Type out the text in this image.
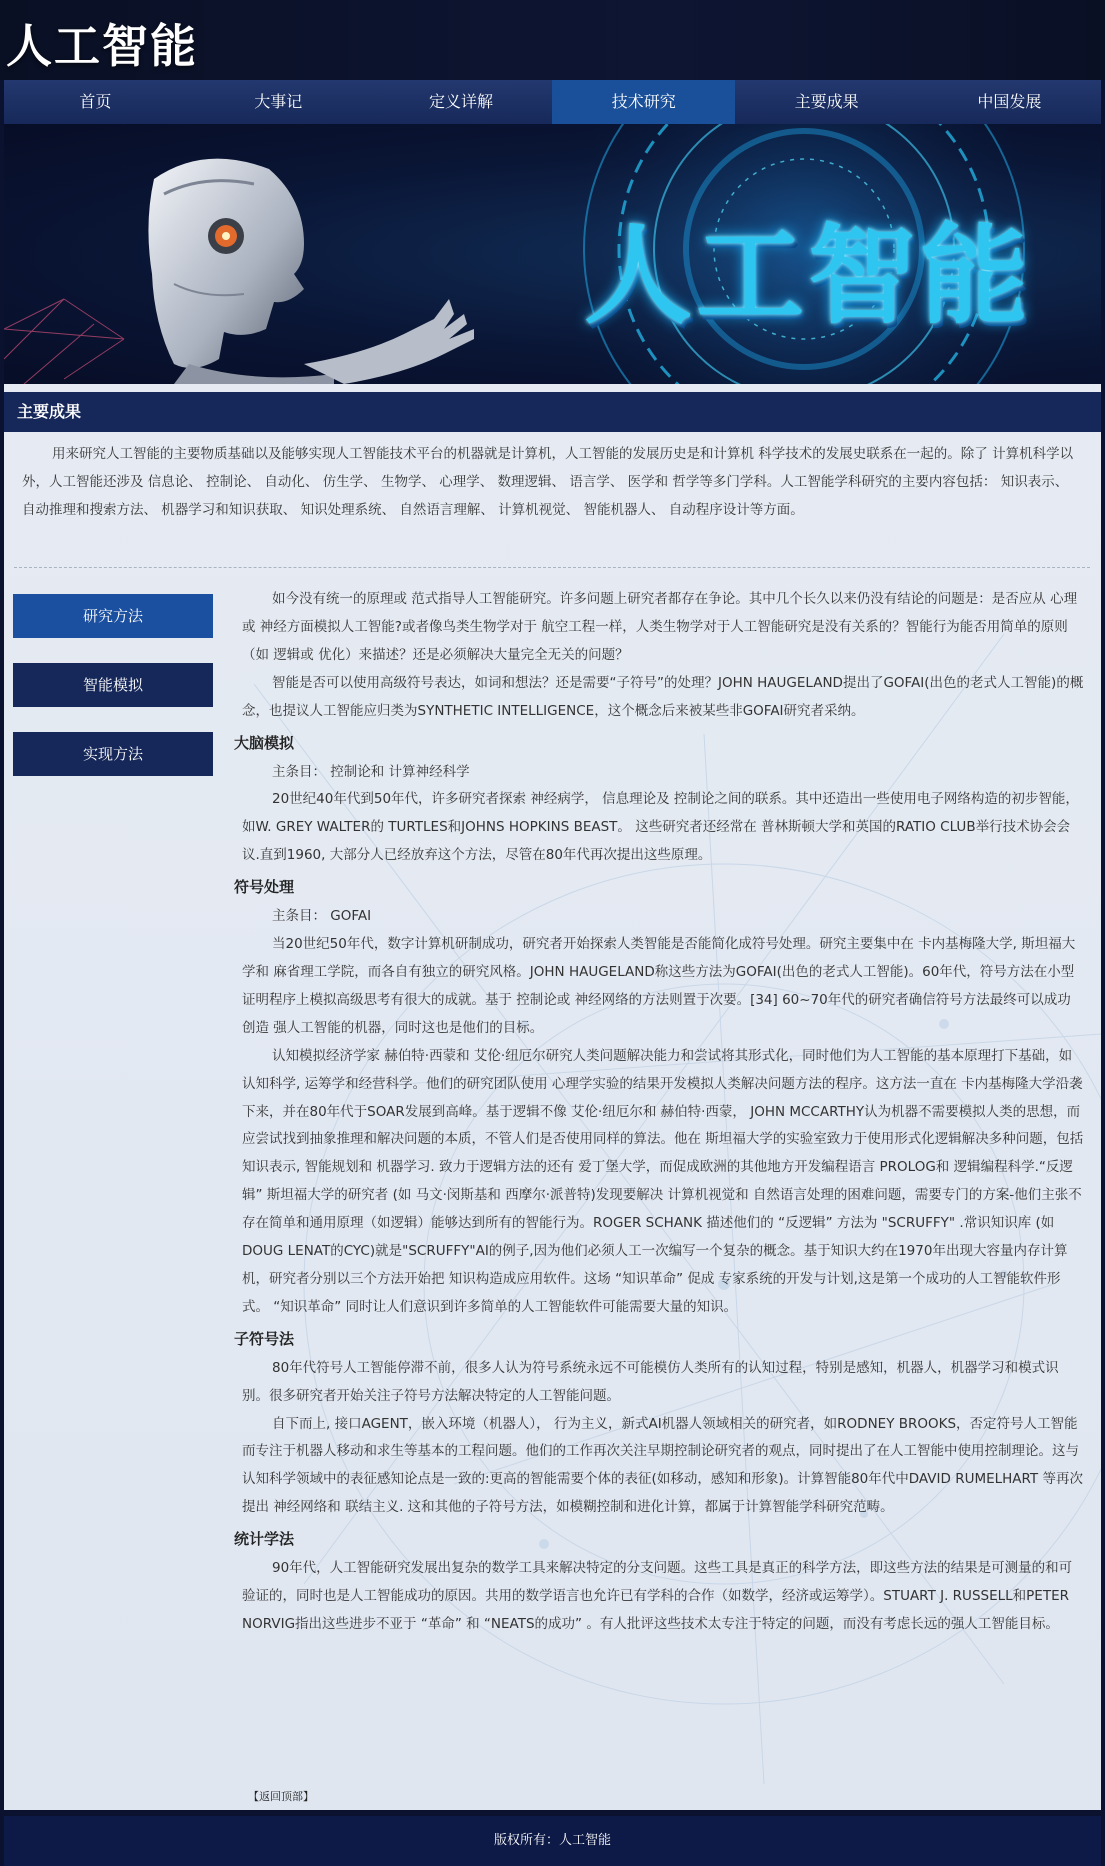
人工智能
首页	大事记	定义详解	技术研究	主要成果	中国发展
人工智能
主要成果
用来研究人工智能的主要物质基础以及能够实现人工智能技术平台的机器就是计算机，人工智能的发展历史是和计算机 科学技术的发展史联系在一起的。除了 计算机科学以外，人工智能还涉及 信息论、 控制论、 自动化、 仿生学、 生物学、 心理学、 数理逻辑、 语言学、 医学和 哲学等多门学科。人工智能学科研究的主要内容包括： 知识表示、 自动推理和搜索方法、 机器学习和知识获取、 知识处理系统、 自然语言理解、 计算机视觉、 智能机器人、 自动程序设计等方面。
研究方法
智能模拟
实现方法

如今没有统一的原理或 范式指导人工智能研究。许多问题上研究者都存在争论。其中几个长久以来仍没有结论的问题是：是否应从 心理或 神经方面模拟人工智能?或者像鸟类生物学对于 航空工程一样，人类生物学对于人工智能研究是没有关系的？智能行为能否用简单的原则（如 逻辑或 优化）来描述？还是必须解决大量完全无关的问题？

智能是否可以使用高级符号表达，如词和想法？还是需要“子符号”的处理？JOHN HAUGELAND提出了GOFAI(出色的老式人工智能)的概念，也提议人工智能应归类为SYNTHETIC INTELLIGENCE，这个概念后来被某些非GOFAI研究者采纳。

大脑模拟

主条目： 控制论和 计算神经科学

20世纪40年代到50年代，许多研究者探索 神经病学， 信息理论及 控制论之间的联系。其中还造出一些使用电子网络构造的初步智能，如W. GREY WALTER的 TURTLES和JOHNS HOPKINS BEAST。 这些研究者还经常在 普林斯顿大学和英国的RATIO CLUB举行技术协会会议.直到1960, 大部分人已经放弃这个方法，尽管在80年代再次提出这些原理。

符号处理

主条目： GOFAI

当20世纪50年代，数字计算机研制成功，研究者开始探索人类智能是否能简化成符号处理。研究主要集中在 卡内基梅隆大学, 斯坦福大学和 麻省理工学院，而各自有独立的研究风格。JOHN HAUGELAND称这些方法为GOFAI(出色的老式人工智能)。60年代，符号方法在小型证明程序上模拟高级思考有很大的成就。基于 控制论或 神经网络的方法则置于次要。[34] 60~70年代的研究者确信符号方法最终可以成功创造 强人工智能的机器，同时这也是他们的目标。

认知模拟经济学家 赫伯特·西蒙和 艾伦·纽厄尔研究人类问题解决能力和尝试将其形式化，同时他们为人工智能的基本原理打下基础，如 认知科学, 运筹学和经营科学。他们的研究团队使用 心理学实验的结果开发模拟人类解决问题方法的程序。这方法一直在 卡内基梅隆大学沿袭下来，并在80年代于SOAR发展到高峰。基于逻辑不像 艾伦·纽厄尔和 赫伯特·西蒙， JOHN MCCARTHY认为机器不需要模拟人类的思想，而应尝试找到抽象推理和解决问题的本质，不管人们是否使用同样的算法。他在 斯坦福大学的实验室致力于使用形式化逻辑解决多种问题，包括 知识表示, 智能规划和 机器学习. 致力于逻辑方法的还有 爱丁堡大学，而促成欧洲的其他地方开发编程语言 PROLOG和 逻辑编程科学.“反逻辑” 斯坦福大学的研究者 (如 马文·闵斯基和 西摩尔·派普特)发现要解决 计算机视觉和 自然语言处理的困难问题，需要专门的方案-他们主张不存在简单和通用原理（如逻辑）能够达到所有的智能行为。ROGER SCHANK 描述他们的 “反逻辑” 方法为 "SCRUFFY" .常识知识库 (如DOUG LENAT的CYC)就是"SCRUFFY"AI的例子,因为他们必须人工一次编写一个复杂的概念。基于知识大约在1970年出现大容量内存计算机，研究者分别以三个方法开始把 知识构造成应用软件。这场 “知识革命” 促成 专家系统的开发与计划,这是第一个成功的人工智能软件形式。 “知识革命” 同时让人们意识到许多简单的人工智能软件可能需要大量的知识。

子符号法

80年代符号人工智能停滞不前，很多人认为符号系统永远不可能模仿人类所有的认知过程，特别是感知，机器人，机器学习和模式识别。很多研究者开始关注子符号方法解决特定的人工智能问题。

自下而上, 接口AGENT，嵌入环境（机器人）， 行为主义，新式AI机器人领域相关的研究者，如RODNEY BROOKS，否定符号人工智能而专注于机器人移动和求生等基本的工程问题。他们的工作再次关注早期控制论研究者的观点，同时提出了在人工智能中使用控制理论。这与认知科学领域中的表征感知论点是一致的:更高的智能需要个体的表征(如移动，感知和形象)。计算智能80年代中DAVID RUMELHART 等再次提出 神经网络和 联结主义. 这和其他的子符号方法，如模糊控制和进化计算，都属于计算智能学科研究范畴。

统计学法

90年代，人工智能研究发展出复杂的数学工具来解决特定的分支问题。这些工具是真正的科学方法，即这些方法的结果是可测量的和可验证的，同时也是人工智能成功的原因。共用的数学语言也允许已有学科的合作（如数学，经济或运筹学）。STUART J. RUSSELL和PETER NORVIG指出这些进步不亚于 “革命” 和 “NEATS的成功” 。有人批评这些技术太专注于特定的问题，而没有考虑长远的强人工智能目标。

【返回顶部】
版权所有：人工智能
